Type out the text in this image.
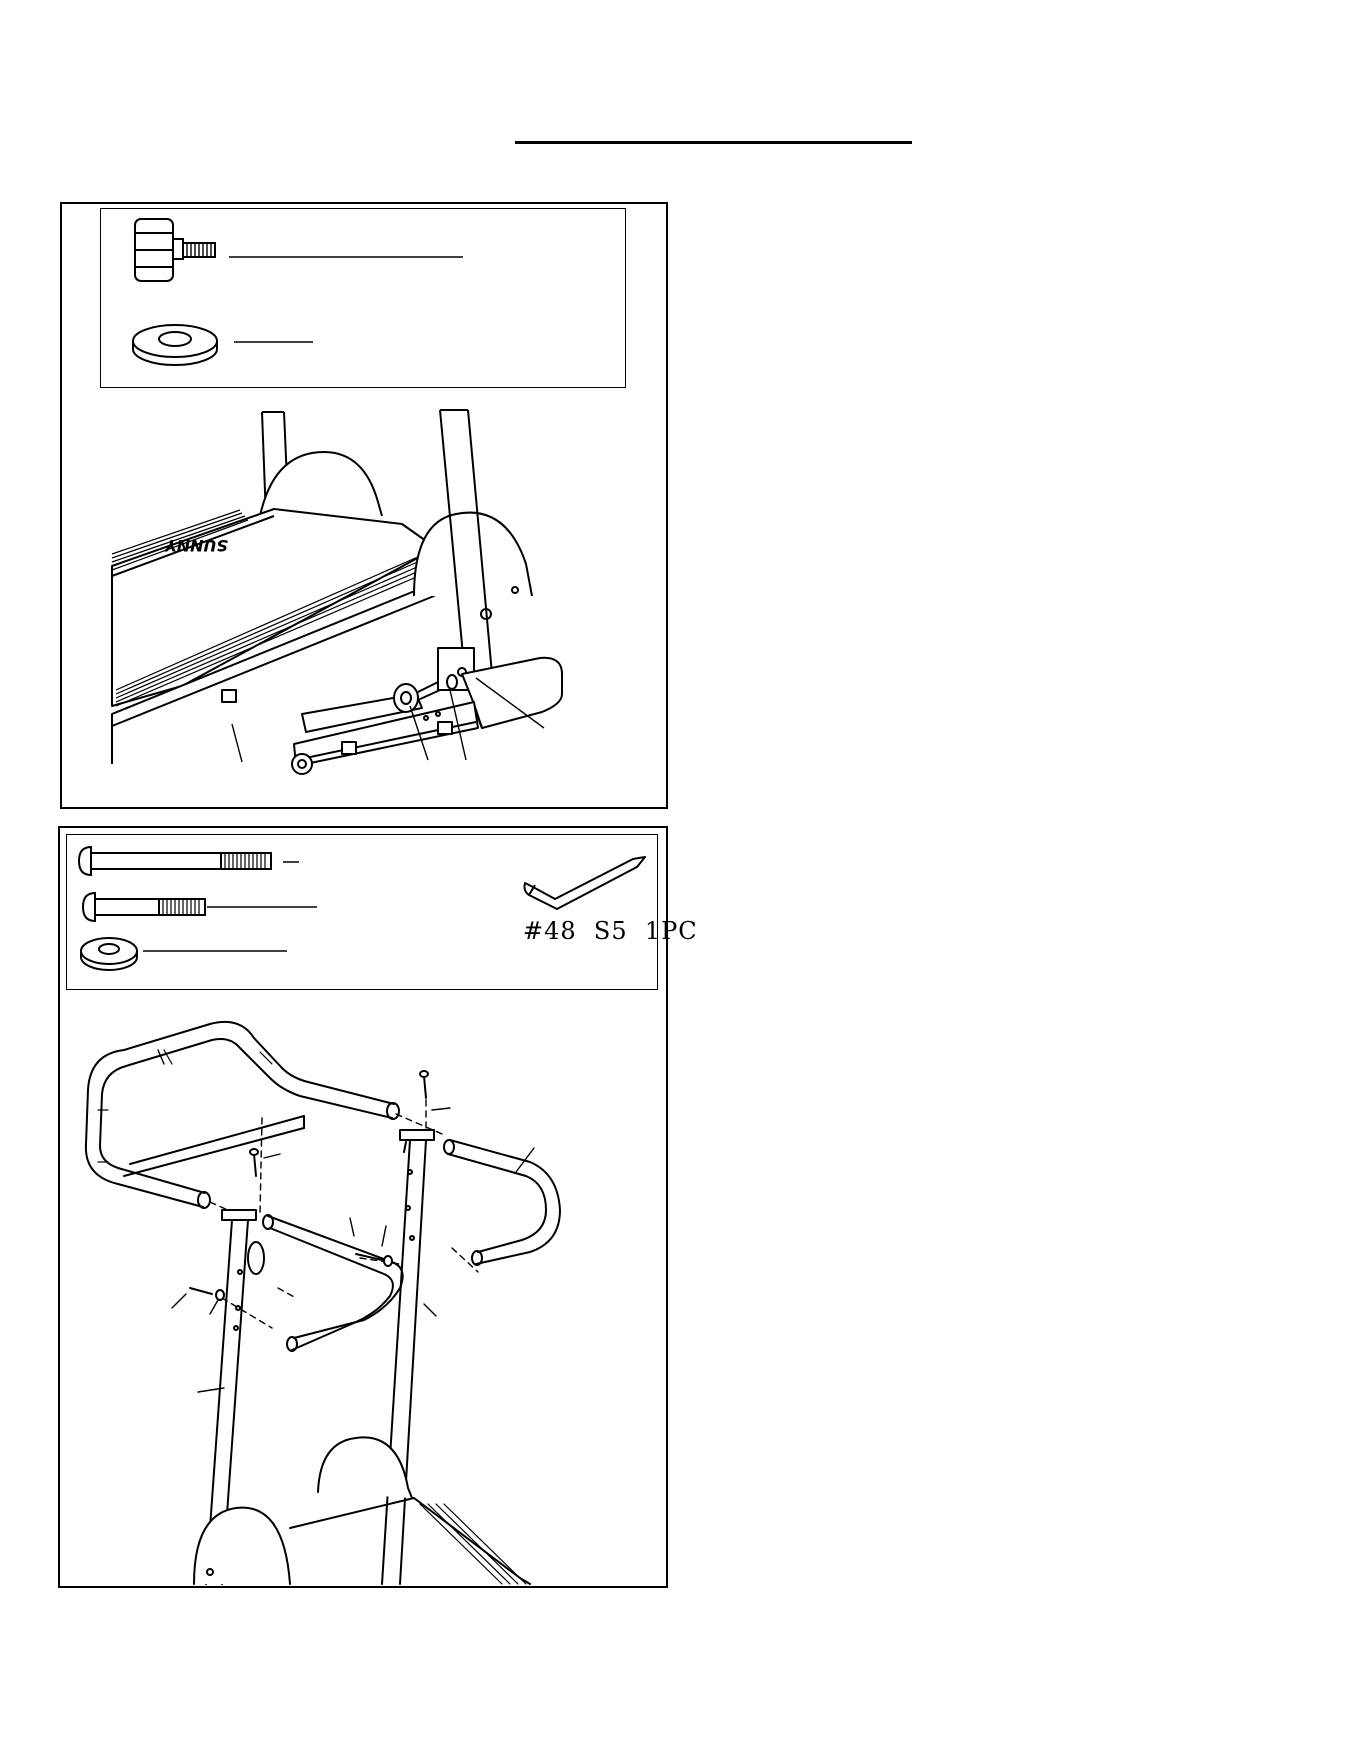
SUNNY
#48  S5  1PC
